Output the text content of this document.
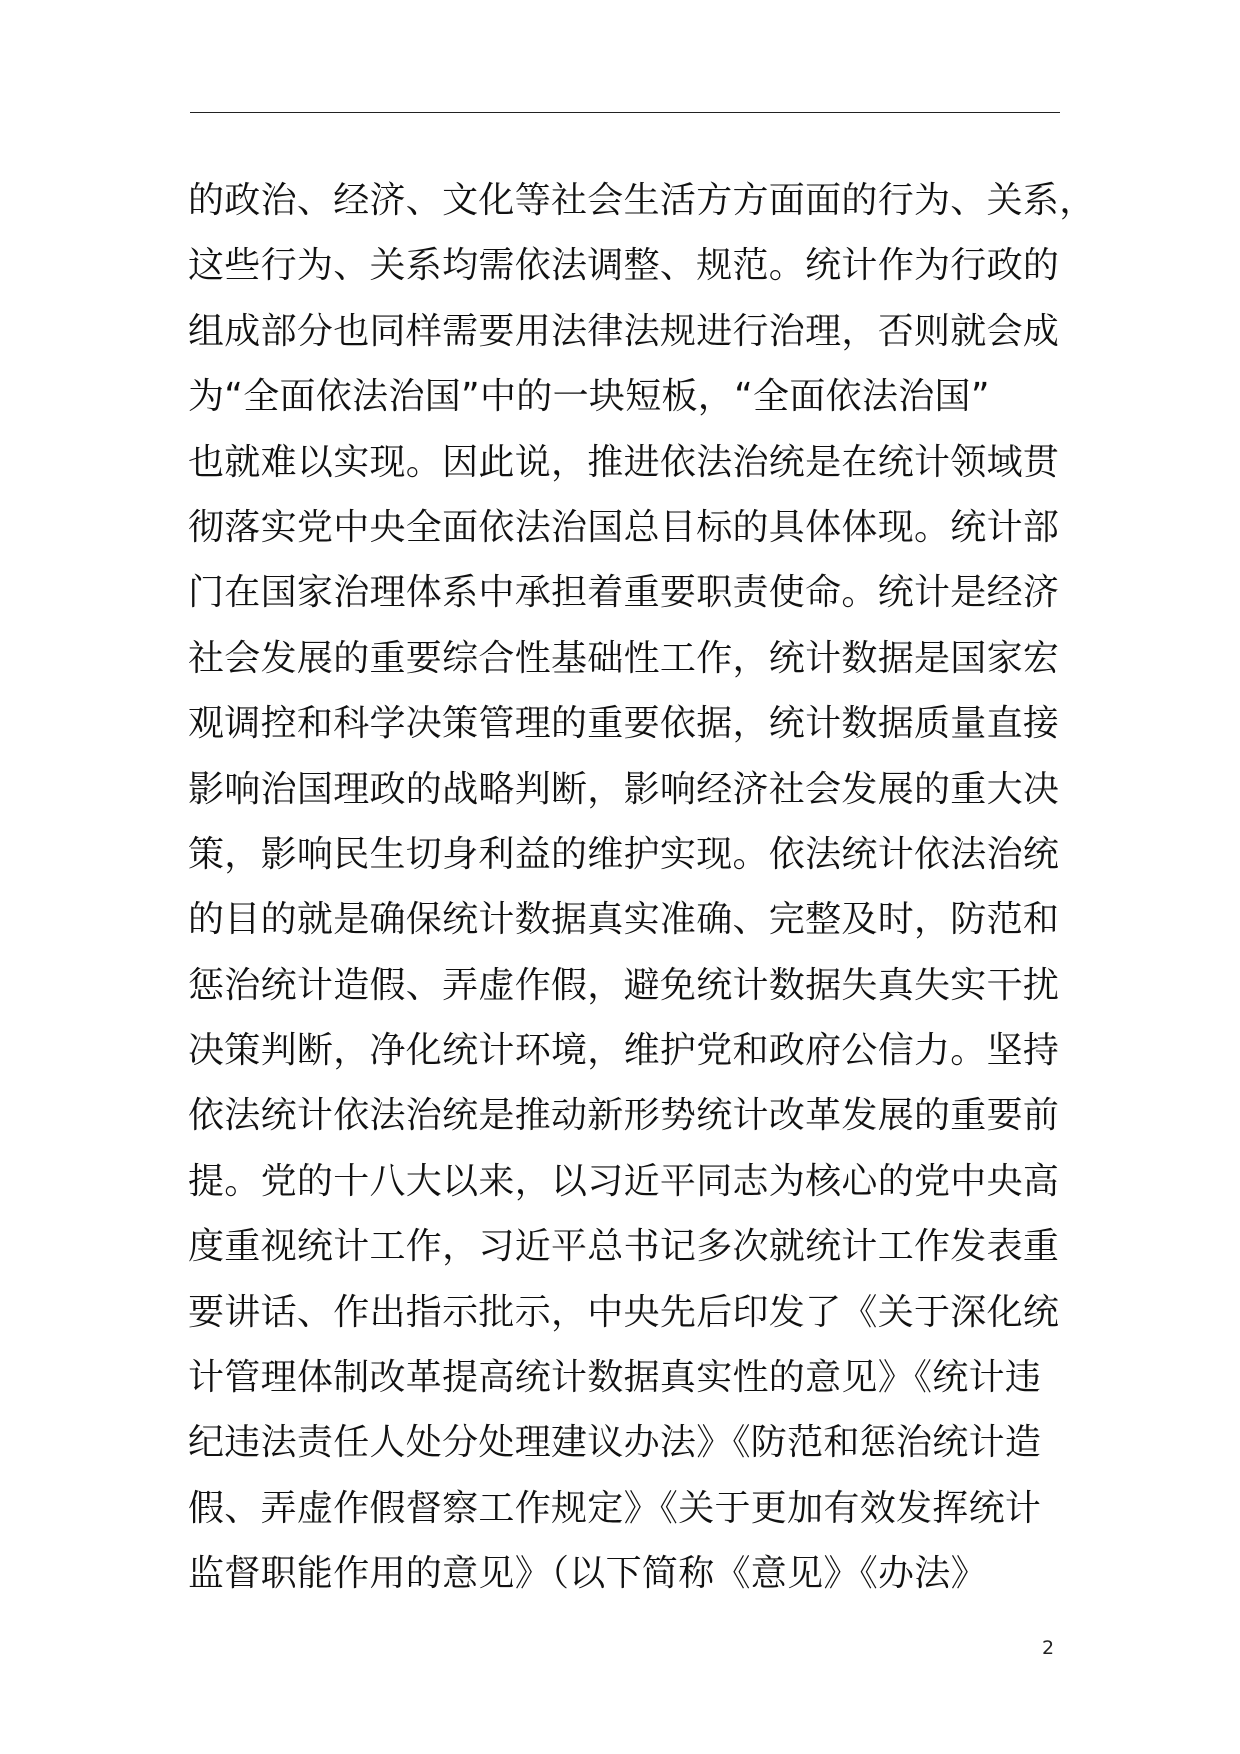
的政治、经济、文化等社会生活方方面面的行为、关系，
这些行为、关系均需依法调整、规范。统计作为行政的
组成部分也同样需要用法律法规进行治理，否则就会成
为“全面依法治国”中的一块短板，“全面依法治国”
也就难以实现。因此说，推进依法治统是在统计领域贯
彻落实党中央全面依法治国总目标的具体体现。统计部
门在国家治理体系中承担着重要职责使命。统计是经济
社会发展的重要综合性基础性工作，统计数据是国家宏
观调控和科学决策管理的重要依据，统计数据质量直接
影响治国理政的战略判断，影响经济社会发展的重大决
策，影响民生切身利益的维护实现。依法统计依法治统
的目的就是确保统计数据真实准确、完整及时，防范和
惩治统计造假、弄虚作假，避免统计数据失真失实干扰
决策判断，净化统计环境，维护党和政府公信力。坚持
依法统计依法治统是推动新形势统计改革发展的重要前
提。党的十八大以来，以习近平同志为核心的党中央高
度重视统计工作，习近平总书记多次就统计工作发表重
要讲话、作出指示批示，中央先后印发了《关于深化统
计管理体制改革提高统计数据真实性的意见》《统计违
纪违法责任人处分处理建议办法》《防范和惩治统计造
假、弄虚作假督察工作规定》《关于更加有效发挥统计
监督职能作用的意见》（以下简称《意见》《办法》
2
